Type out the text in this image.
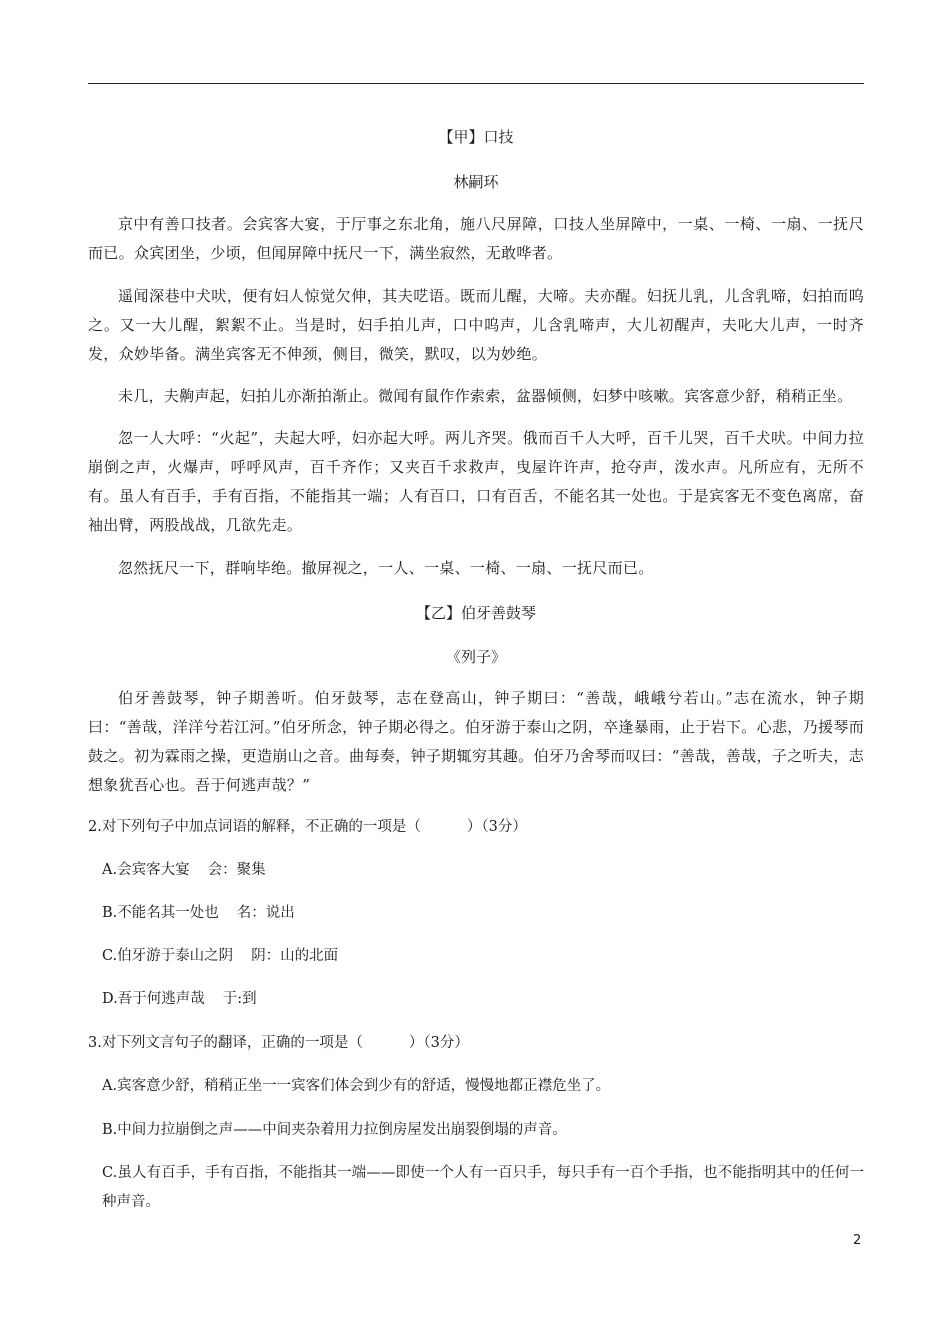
【甲】口技
林嗣环
京中有善口技者。会宾客大宴，于厅事之东北角，施八尺屏障，口技人坐屏障中，一桌、一椅、一扇、一抚尺而已。众宾团坐，少顷，但闻屏障中抚尺一下，满坐寂然，无敢哗者。
遥闻深巷中犬吠，便有妇人惊觉欠伸，其夫呓语。既而儿醒，大啼。夫亦醒。妇抚儿乳，儿含乳啼，妇拍而呜之。又一大儿醒，絮絮不止。当是时，妇手拍儿声，口中呜声，儿含乳啼声，大儿初醒声，夫叱大儿声，一时齐发，众妙毕备。满坐宾客无不伸颈，侧目，微笑，默叹，以为妙绝。
未几，夫齁声起，妇拍儿亦渐拍渐止。微闻有鼠作作索索，盆器倾侧，妇梦中咳嗽。宾客意少舒，稍稍正坐。
忽一人大呼：“火起”，夫起大呼，妇亦起大呼。两儿齐哭。俄而百千人大呼，百千儿哭，百千犬吠。中间力拉崩倒之声，火爆声，呼呼风声，百千齐作；又夹百千求救声，曳屋许许声，抢夺声，泼水声。凡所应有，无所不有。虽人有百手，手有百指，不能指其一端；人有百口，口有百舌，不能名其一处也。于是宾客无不变色离席，奋袖出臂，两股战战，几欲先走。
忽然抚尺一下，群响毕绝。撤屏视之，一人、一桌、一椅、一扇、一抚尺而已。
【乙】伯牙善鼓琴
《列子》
伯牙善鼓琴，钟子期善听。伯牙鼓琴，志在登高山，钟子期曰：“善哉，峨峨兮若山。”志在流水，钟子期曰：“善哉，洋洋兮若江河。”伯牙所念，钟子期必得之。伯牙游于泰山之阴，卒逢暴雨，止于岩下。心悲，乃援琴而鼓之。初为霖雨之操，更造崩山之音。曲每奏，钟子期辄穷其趣。伯牙乃舍琴而叹曰：“善哉，善哉，子之听夫，志想象犹吾心也。吾于何逃声哉？”
2.对下列句子中加点词语的解释，不正确的一项是（	）（3分）
A.会宾客大宴 会：聚集
B.不能名其一处也 名：说出
C.伯牙游于泰山之阴 阴：山的北面
D.吾于何逃声哉 于:到
3.对下列文言句子的翻译，正确的一项是（	）（3分）
A.宾客意少舒，稍稍正坐一一宾客们体会到少有的舒适，慢慢地都正襟危坐了。
B.中间力拉崩倒之声——中间夹杂着用力拉倒房屋发出崩裂倒塌的声音。
C.虽人有百手，手有百指，不能指其一端——即使一个人有一百只手，每只手有一百个手指，也不能指明其中的任何一种声音。
2
